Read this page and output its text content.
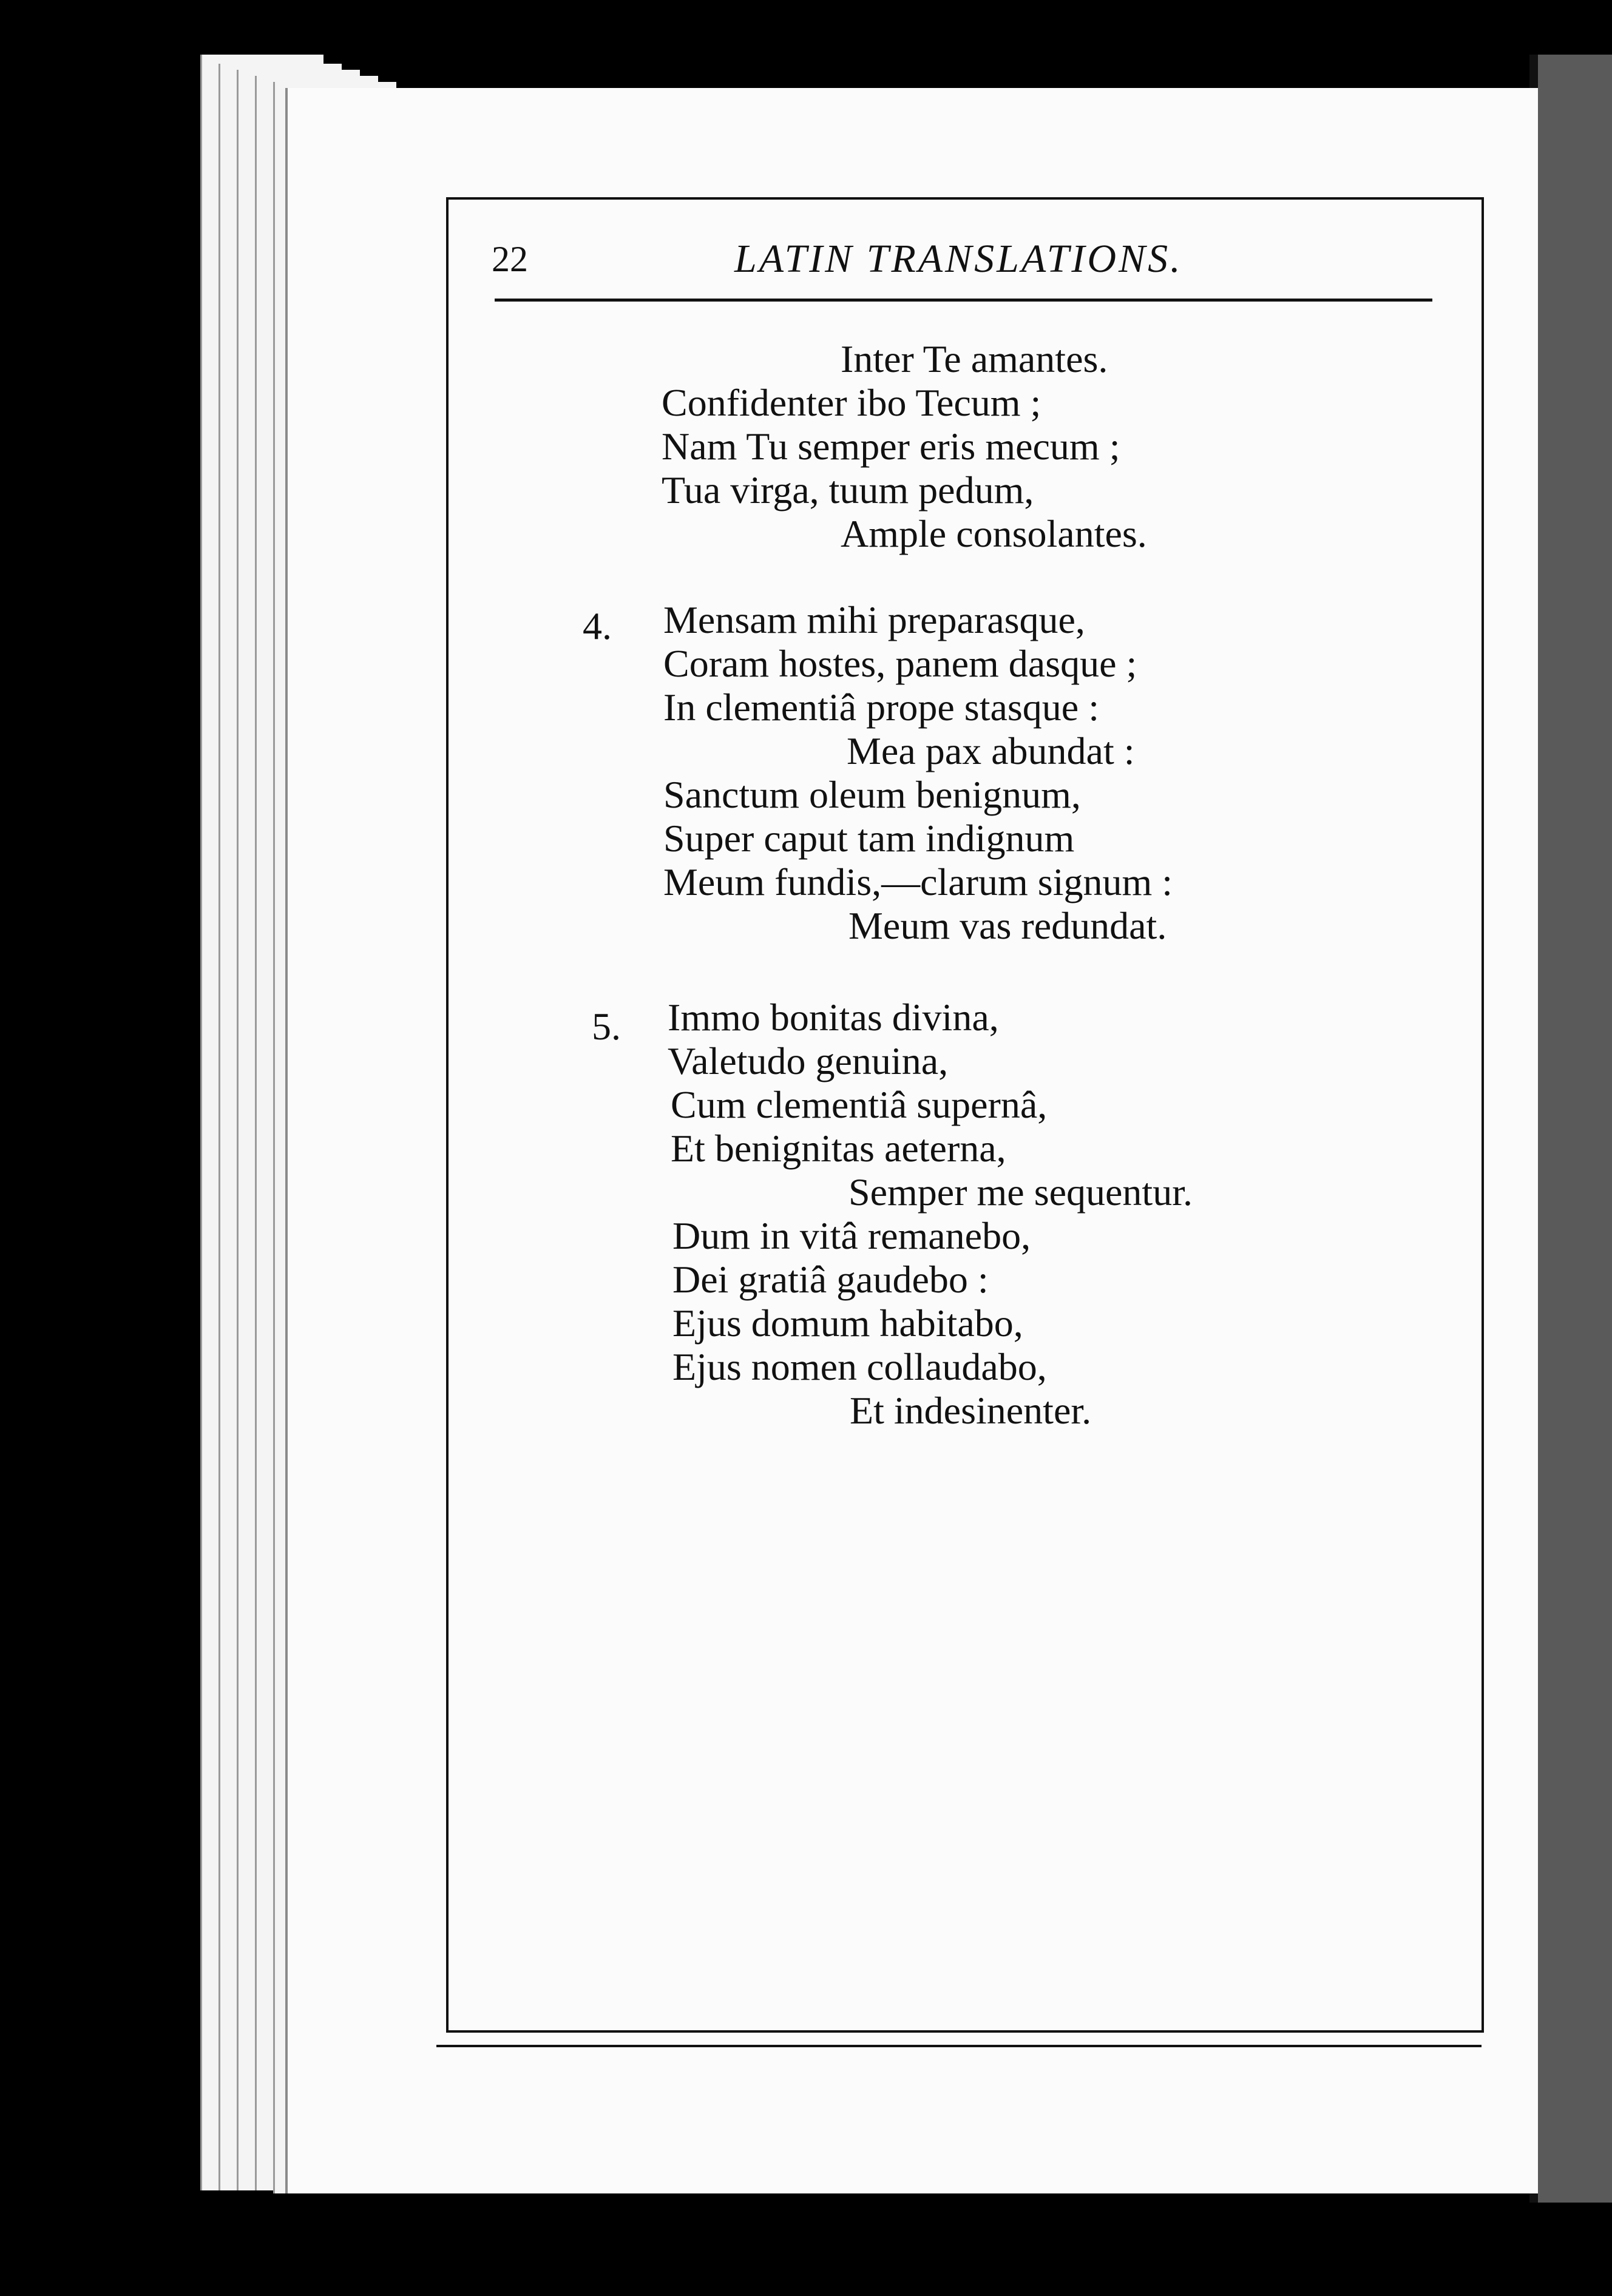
22	LATIN TRANSLATIONS.
Inter Te amantes.
Confidenter ibo Tecum ;
Nam Tu semper eris mecum ;
Tua virga, tuum pedum,
Ample consolantes.
4. Mensam mihi preparasque,
Coram hostes, panem dasque ;
In clementiâ prope stasque :
Mea pax abundat :
Sanctum oleum benignum,
Super caput tam indignum
Meum fundis,—clarum signum :
Meum vas redundat.
5. Immo bonitas divina,
Valetudo genuina,
Cum clementiâ supernâ,
Et benignitas aeterna,
Semper me sequentur.
Dum in vitâ remanebo,
Dei gratiâ gaudebo :
Ejus domum habitabo,
Ejus nomen collaudabo,
Et indesinenter.
